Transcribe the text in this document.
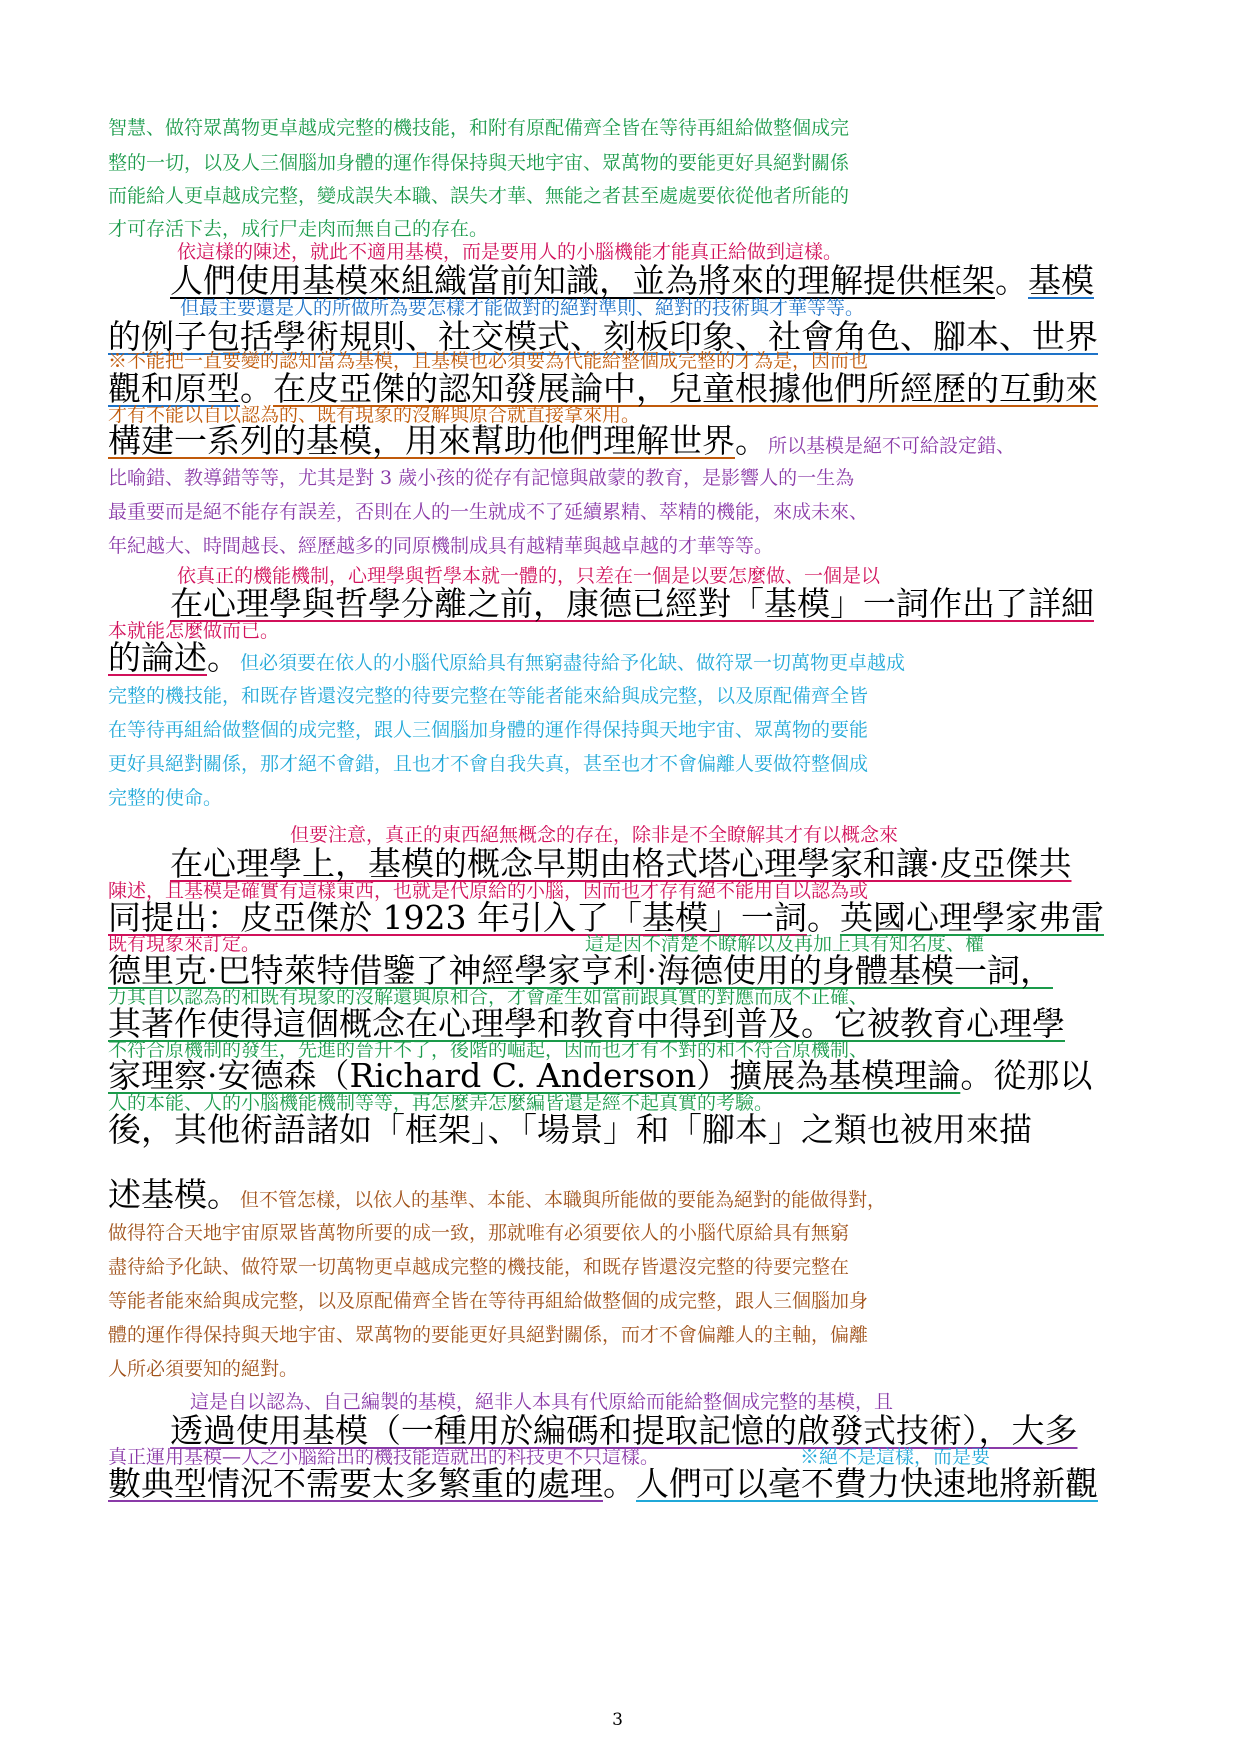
智慧、做符眾萬物更卓越成完整的機技能，和附有原配備齊全皆在等待再組給做整個成完

整的一切，以及人三個腦加身體的運作得保持與天地宇宙、眾萬物的要能更好具絕對關係

而能給人更卓越成完整，變成誤失本職、誤失才華、無能之者甚至處處要依從他者所能的

才可存活下去，成行尸走肉而無自己的存在。

依這樣的陳述，就此不適用基模，而是要用人的小腦機能才能真正給做到這樣。

人們使用基模來組織當前知識，並為將來的理解提供框架。基模

但最主要還是人的所做所為要怎樣才能做對的絕對準則、絕對的技術與才華等等。

的例子包括學術規則、社交模式、刻板印象、社會角色、腳本、世界

※不能把一直要變的認知當為基模，且基模也必須要為代能給整個成完整的才為是，因而也

觀和原型。在皮亞傑的認知發展論中，兒童根據他們所經歷的互動來

才有不能以自以認為的、既有現象的沒解與原合就直接拿來用。

構建一系列的基模，用來幫助他們理解世界。所以基模是絕不可給設定錯、

比喻錯、教導錯等等，尤其是對 3 歲小孩的從存有記憶與啟蒙的教育，是影響人的一生為

最重要而是絕不能存有誤差，否則在人的一生就成不了延續累精、萃精的機能，來成未來、

年紀越大、時間越長、經歷越多的同原機制成具有越精華與越卓越的才華等等。

依真正的機能機制，心理學與哲學本就一體的，只差在一個是以要怎麼做、一個是以

在心理學與哲學分離之前，康德已經對「基模」一詞作出了詳細

本就能怎麼做而已。

的論述。但必須要在依人的小腦代原給具有無窮盡待給予化缺、做符眾一切萬物更卓越成

完整的機技能，和既存皆還沒完整的待要完整在等能者能來給與成完整，以及原配備齊全皆

在等待再組給做整個的成完整，跟人三個腦加身體的運作得保持與天地宇宙、眾萬物的要能

更好具絕對關係，那才絕不會錯，且也才不會自我失真，甚至也才不會偏離人要做符整個成

完整的使命。

但要注意，真正的東西絕無概念的存在，除非是不全瞭解其才有以概念來

在心理學上，基模的概念早期由格式塔心理學家和讓·皮亞傑共

陳述，且基模是確實有這樣東西，也就是代原給的小腦，因而也才存有絕不能用自以認為或

同提出：皮亞傑於 1923 年引入了「基模」一詞。英國心理學家弗雷

既有現象來訂定。	這是因不清楚不瞭解以及再加上具有知名度、權

德里克·巴特萊特借鑒了神經學家亨利·海德使用的身體基模一詞，

力其自以認為的和既有現象的沒解還與原和合，才會產生如當前跟真實的對應而成不正確、

其著作使得這個概念在心理學和教育中得到普及。它被教育心理學

不符合原機制的發生，先進的晉升不了，後階的崛起，因而也才有不對的和不符合原機制、

家理察·安德森（Richard C. Anderson）擴展為基模理論。從那以

人的本能、人的小腦機能機制等等，再怎麼弄怎麼編皆還是經不起真實的考驗。

後，其他術語諸如「框架」、「場景」和「腳本」之類也被用來描

述基模。但不管怎樣，以依人的基準、本能、本職與所能做的要能為絕對的能做得對，

做得符合天地宇宙原眾皆萬物所要的成一致，那就唯有必須要依人的小腦代原給具有無窮

盡待給予化缺、做符眾一切萬物更卓越成完整的機技能，和既存皆還沒完整的待要完整在

等能者能來給與成完整，以及原配備齊全皆在等待再組給做整個的成完整，跟人三個腦加身

體的運作得保持與天地宇宙、眾萬物的要能更好具絕對關係，而才不會偏離人的主軸，偏離

人所必須要知的絕對。

這是自以認為、自己編製的基模，絕非人本具有代原給而能給整個成完整的基模，且

透過使用基模（一種用於編碼和提取記憶的啟發式技術），大多

真正運用基模—人之小腦給出的機技能造就出的科技更不只這樣。	※絕不是這樣，而是要

數典型情況不需要太多繁重的處理。人們可以毫不費力快速地將新觀

3
